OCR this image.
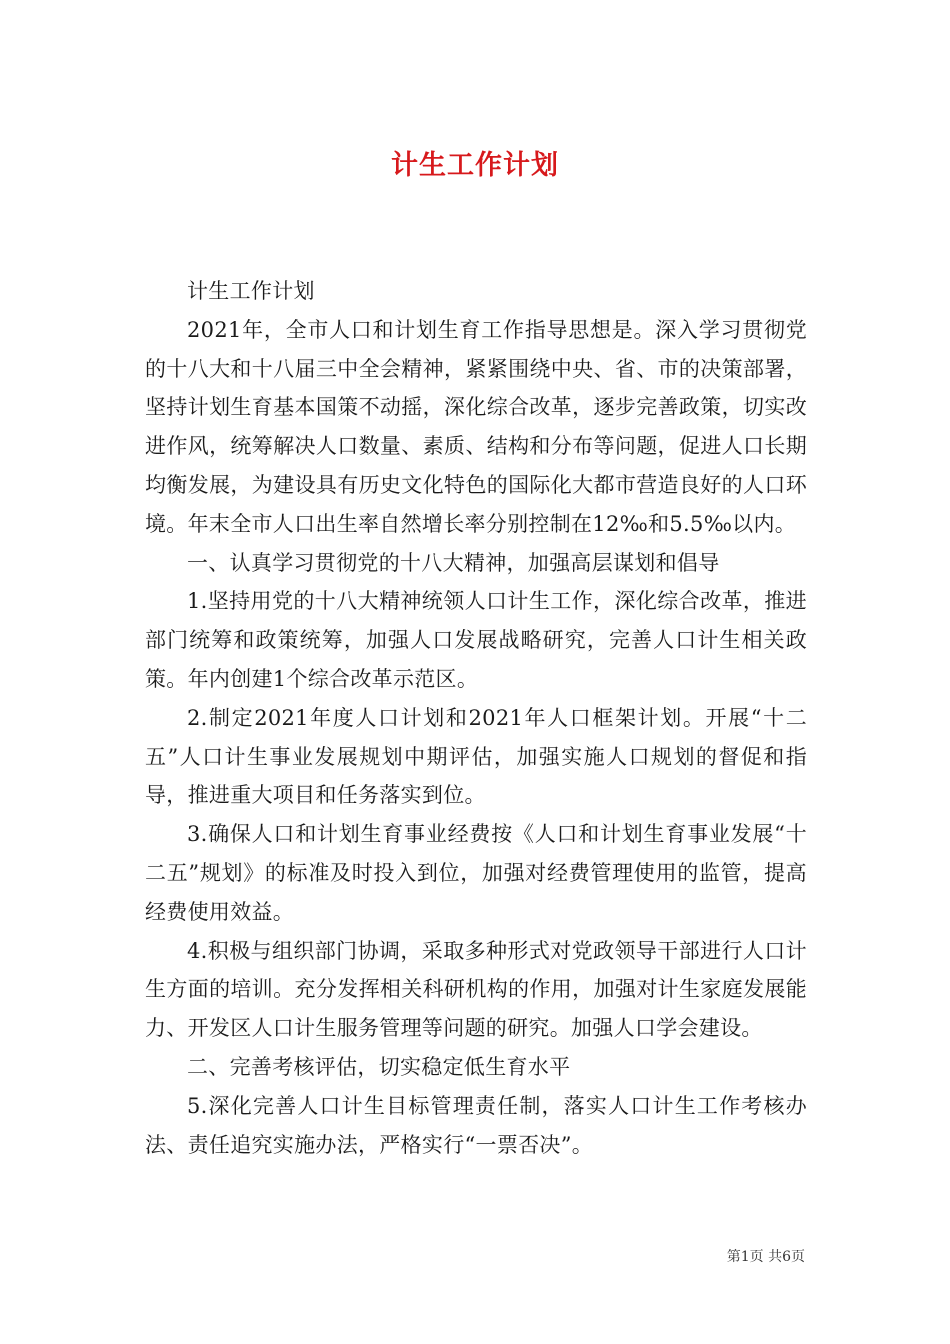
计生工作计划

计生工作计划

2021年，全市人口和计划生育工作指导思想是。深入学习贯彻党的十八大和十八届三中全会精神，紧紧围绕中央、省、市的决策部署，坚持计划生育基本国策不动摇，深化综合改革，逐步完善政策，切实改进作风，统筹解决人口数量、素质、结构和分布等问题，促进人口长期均衡发展，为建设具有历史文化特色的国际化大都市营造良好的人口环境。年末全市人口出生率自然增长率分别控制在12‰和5.5‰以内。

一、认真学习贯彻党的十八大精神，加强高层谋划和倡导

1.坚持用党的十八大精神统领人口计生工作，深化综合改革，推进部门统筹和政策统筹，加强人口发展战略研究，完善人口计生相关政策。年内创建1个综合改革示范区。

2.制定2021年度人口计划和2021年人口框架计划。开展“十二五”人口计生事业发展规划中期评估，加强实施人口规划的督促和指导，推进重大项目和任务落实到位。

3.确保人口和计划生育事业经费按《人口和计划生育事业发展“十二五”规划》的标准及时投入到位，加强对经费管理使用的监管，提高经费使用效益。

4.积极与组织部门协调，采取多种形式对党政领导干部进行人口计生方面的培训。充分发挥相关科研机构的作用，加强对计生家庭发展能力、开发区人口计生服务管理等问题的研究。加强人口学会建设。

二、完善考核评估，切实稳定低生育水平

5.深化完善人口计生目标管理责任制，落实人口计生工作考核办法、责任追究实施办法，严格实行“一票否决”。

第1页 共6页
